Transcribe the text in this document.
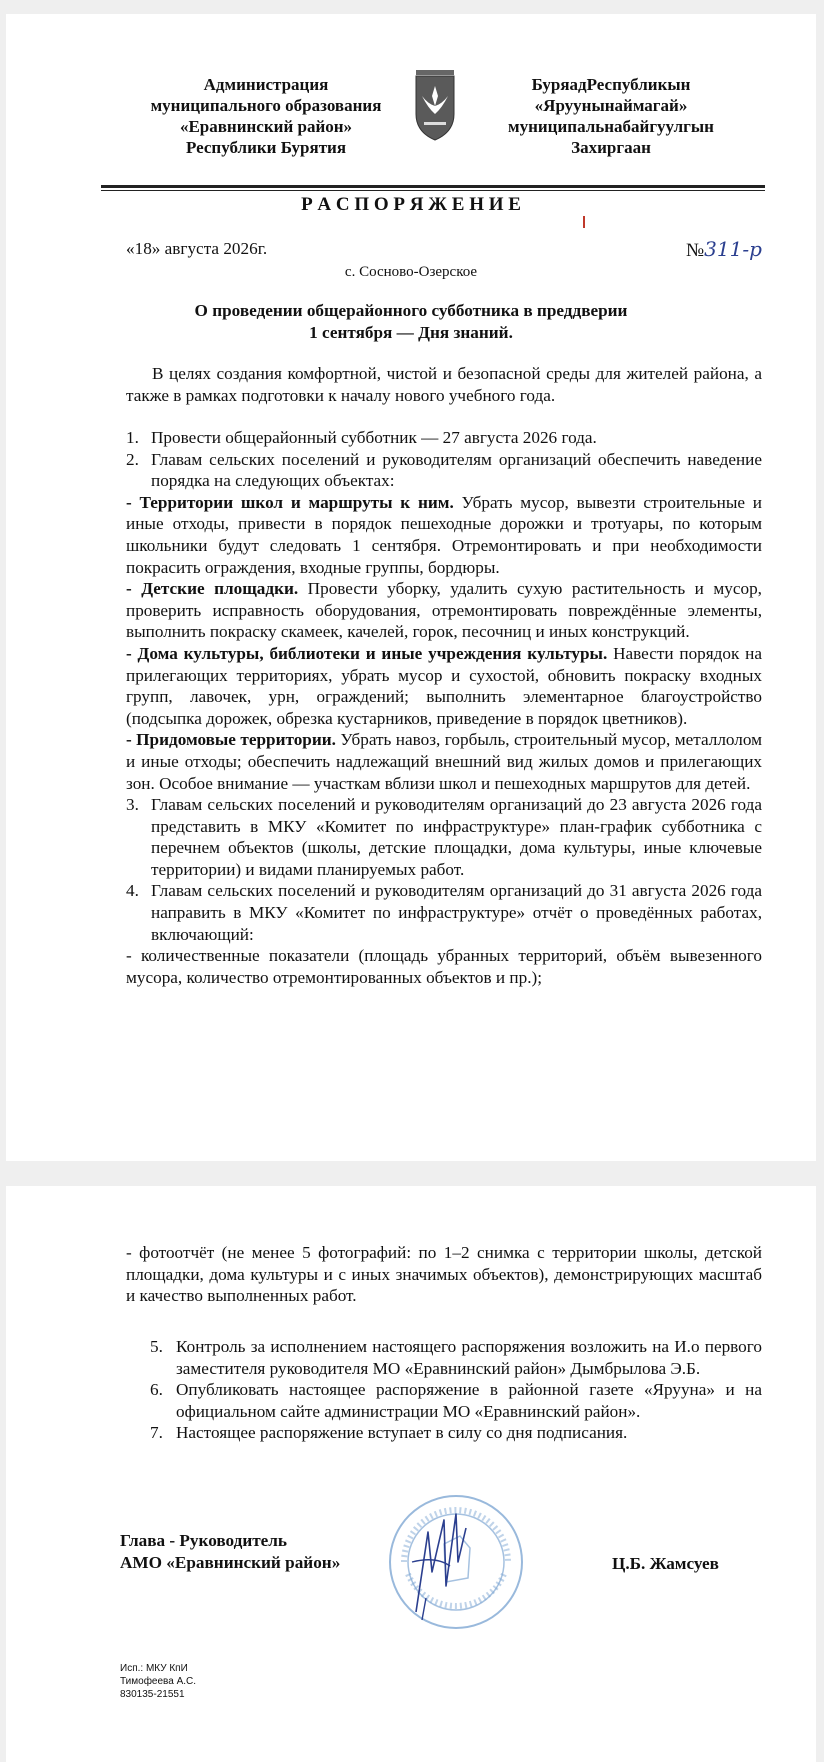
Администрация
муниципального образования
«Еравнинский район»
Республики Бурятия
БуряадРеспубликын
«Яруунынаймагай»
муниципальнабайгуулгын
Захиргаан
Р А С П О Р Я Ж Е Н И Е
«18» августа 2026г.	№311-р
с. Сосново-Озерское
О проведении общерайонного субботника в преддверии
1 сентября — Дня знаний.
В целях создания комфортной, чистой и безопасной среды для жителей района, а также в рамках подготовки к началу нового учебного года.
1. Провести общерайонный субботник — 27 августа 2026 года.
2. Главам сельских поселений и руководителям организаций обеспечить наведение порядка на следующих объектах:
- Территории школ и маршруты к ним. Убрать мусор, вывезти строительные и иные отходы, привести в порядок пешеходные дорожки и тротуары, по которым школьники будут следовать 1 сентября. Отремонтировать и при необходимости покрасить ограждения, входные группы, бордюры.
- Детские площадки. Провести уборку, удалить сухую растительность и мусор, проверить исправность оборудования, отремонтировать повреждённые элементы, выполнить покраску скамеек, качелей, горок, песочниц и иных конструкций.
- Дома культуры, библиотеки и иные учреждения культуры. Навести порядок на прилегающих территориях, убрать мусор и сухостой, обновить покраску входных групп, лавочек, урн, ограждений; выполнить элементарное благоустройство (подсыпка дорожек, обрезка кустарников, приведение в порядок цветников).
- Придомовые территории. Убрать навоз, горбыль, строительный мусор, металлолом и иные отходы; обеспечить надлежащий внешний вид жилых домов и прилегающих зон. Особое внимание — участкам вблизи школ и пешеходных маршрутов для детей.
3. Главам сельских поселений и руководителям организаций до 23 августа 2026 года представить в МКУ «Комитет по инфраструктуре» план-график субботника с перечнем объектов (школы, детские площадки, дома культуры, иные ключевые территории) и видами планируемых работ.
4. Главам сельских поселений и руководителям организаций до 31 августа 2026 года направить в МКУ «Комитет по инфраструктуре» отчёт о проведённых работах, включающий:
- количественные показатели (площадь убранных территорий, объём вывезенного мусора, количество отремонтированных объектов и пр.);
- фотоотчёт (не менее 5 фотографий: по 1–2 снимка с территории школы, детской площадки, дома культуры и с иных значимых объектов), демонстрирующих масштаб и качество выполненных работ.
5. Контроль за исполнением настоящего распоряжения возложить на И.о первого заместителя руководителя МО «Еравнинский район» Дымбрылова Э.Б.
6. Опубликовать настоящее распоряжение в районной газете «Ярууна» и на официальном сайте администрации МО «Еравнинский район».
7. Настоящее распоряжение вступает в силу со дня подписания.
Глава - Руководитель
АМО «Еравнинский район»	Ц.Б. Жамсуев
Исп.: МКУ КпИ
Тимофеева А.С.
830135-21551
